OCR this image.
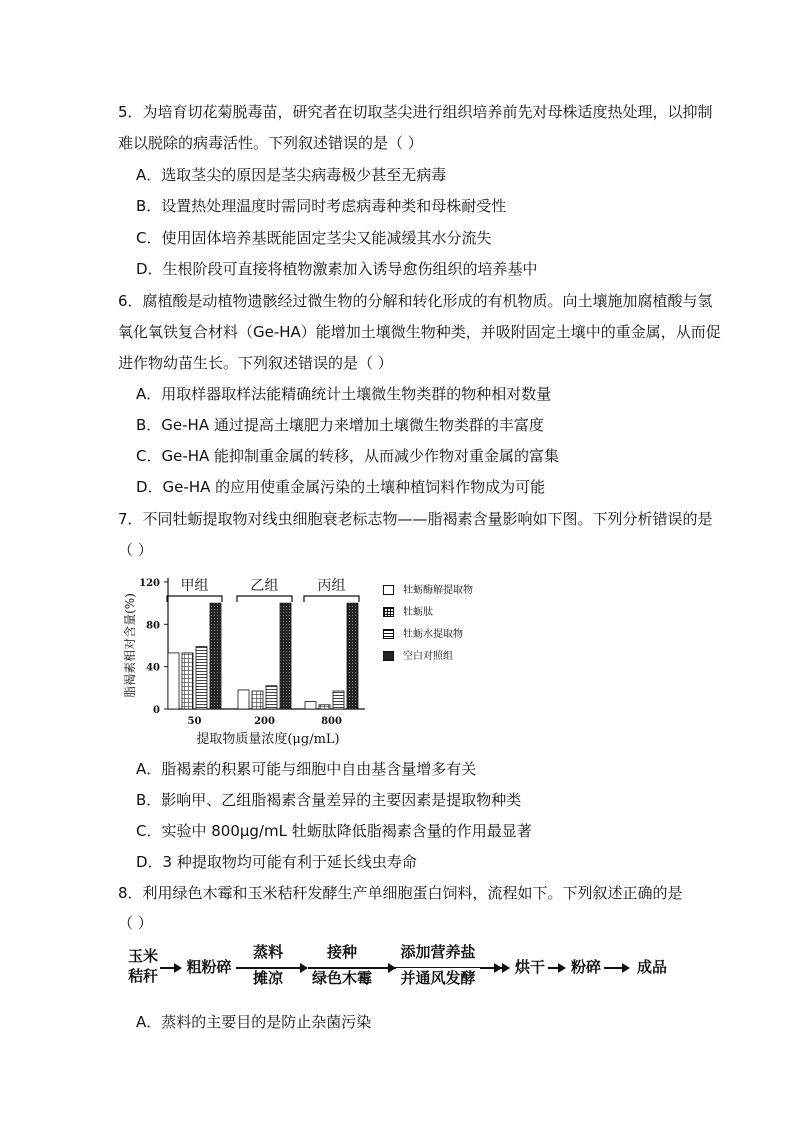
5．为培育切花菊脱毒苗，研究者在切取茎尖进行组织培养前先对母株适度热处理，以抑制
难以脱除的病毒活性。下列叙述错误的是（ ）
A．选取茎尖的原因是茎尖病毒极少甚至无病毒
B．设置热处理温度时需同时考虑病毒种类和母株耐受性
C．使用固体培养基既能固定茎尖又能减缓其水分流失
D．生根阶段可直接将植物激素加入诱导愈伤组织的培养基中
6．腐植酸是动植物遗骸经过微生物的分解和转化形成的有机物质。向土壤施加腐植酸与氢
氧化氧铁复合材料（Ge-HA）能增加土壤微生物种类，并吸附固定土壤中的重金属，从而促
进作物幼苗生长。下列叙述错误的是（ ）
A．用取样器取样法能精确统计土壤微生物类群的物种相对数量
B．Ge-HA 通过提高土壤肥力来增加土壤微生物类群的丰富度
C．Ge-HA 能抑制重金属的转移，从而减少作物对重金属的富集
D．Ge-HA 的应用使重金属污染的土壤种植饲料作物成为可能
7．不同牡蛎提取物对线虫细胞衰老标志物——脂褐素含量影响如下图。下列分析错误的是
（ ）
0
40
80
120
脂褐素相对含量(%)
50
甲组
200
乙组
800
丙组
提取物质量浓度(μg/mL)
牡蛎酶解提取物
牡蛎肽
牡蛎水提取物
空白对照组
A．脂褐素的积累可能与细胞中自由基含量增多有关
B．影响甲、乙组脂褐素含量差异的主要因素是提取物种类
C．实验中 800μg/mL 牡蛎肽降低脂褐素含量的作用最显著
D．3 种提取物均可能有利于延长线虫寿命
8．利用绿色木霉和玉米秸秆发酵生产单细胞蛋白饲料，流程如下。下列叙述正确的是
（ ）
玉米
秸秆 粗粉碎
蒸料
摊凉
接种
绿色木霉
添加营养盐
并通风发酵
烘干 粉碎 成品
A．蒸料的主要目的是防止杂菌污染
